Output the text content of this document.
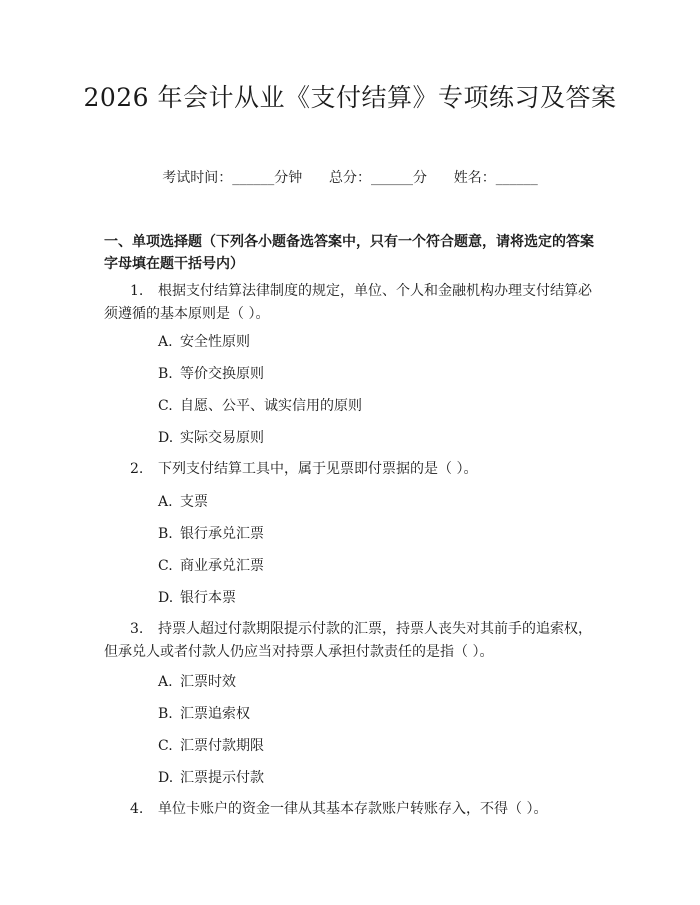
2026 年会计从业《支付结算》专项练习及答案
考试时间：______分钟      总分：______分      姓名：______
一、单项选择题（下列各小题备选答案中，只有一个符合题意，请将选定的答案字母填在题干括号内）
1. 根据支付结算法律制度的规定，单位、个人和金融机构办理支付结算必须遵循的基本原则是（ ）。
A. 安全性原则
B. 等价交换原则
C. 自愿、公平、诚实信用的原则
D. 实际交易原则
2. 下列支付结算工具中，属于见票即付票据的是（ ）。
A. 支票
B. 银行承兑汇票
C. 商业承兑汇票
D. 银行本票
3. 持票人超过付款期限提示付款的汇票，持票人丧失对其前手的追索权，但承兑人或者付款人仍应当对持票人承担付款责任的是指（ ）。
A. 汇票时效
B. 汇票追索权
C. 汇票付款期限
D. 汇票提示付款
4. 单位卡账户的资金一律从其基本存款账户转账存入，不得（ ）。
